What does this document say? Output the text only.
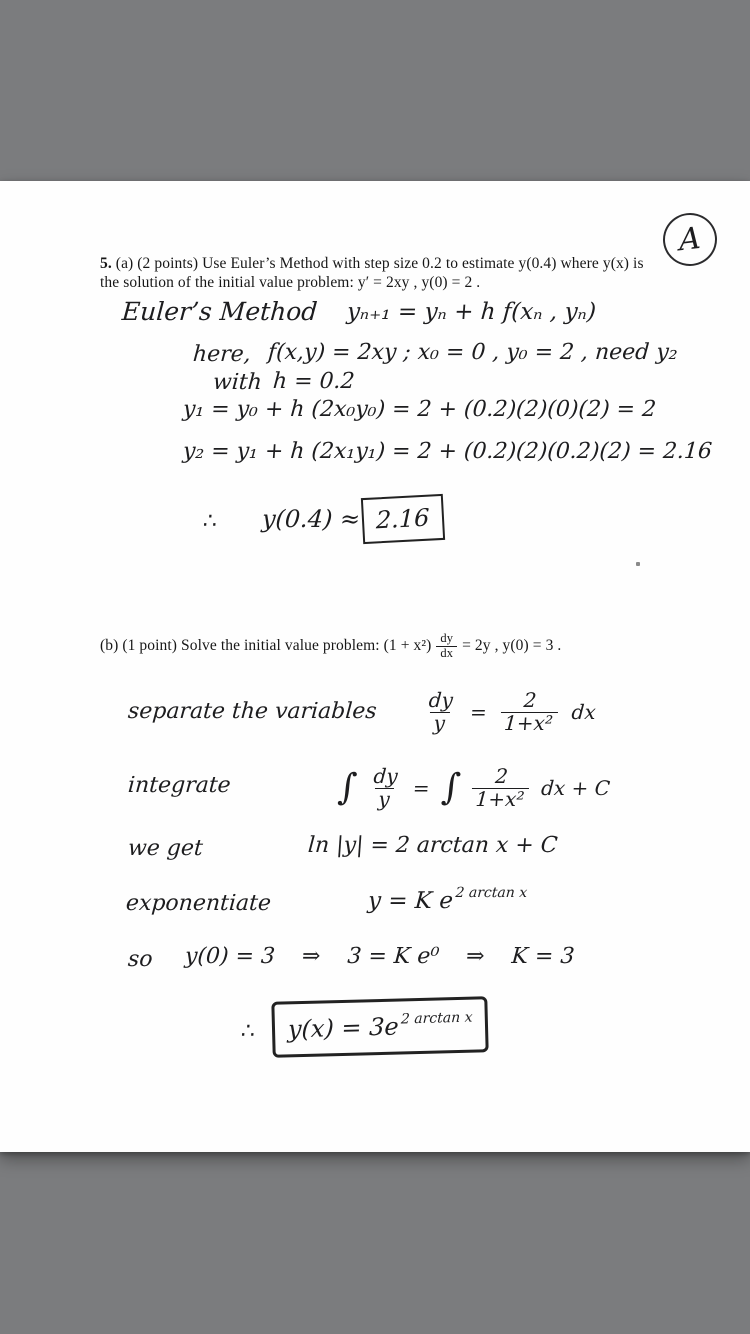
A
5. (a) (2 points) Use Euler’s Method with step size 0.2 to estimate y(0.4) where y(x) is
the solution of the initial value problem: y′ = 2xy , y(0) = 2 .
Euler’s Method yₙ₊₁ = yₙ + h f(xₙ , yₙ)
here, f(x,y) = 2xy ; x₀ = 0 , y₀ = 2 , need y₂
with h = 0.2
y₁ = y₀ + h (2x₀y₀) = 2 + (0.2)(2)(0)(2) = 2
y₂ = y₁ + h (2x₁y₁) = 2 + (0.2)(2)(0.2)(2) = 2.16
∴ y(0.4) ≈ 2.16
(b) (1 point) Solve the initial value problem: $(1 + x^2) \frac{dy}{dx} = 2y$ , y(0) = 3 .
separate the variables $\frac{dy}{y} = \frac{2}{\text{1+x²}}$ dx
integrate	∫ $\frac{dy}{y}$ = ∫ $\frac{2}{\text{1+x²}}$ dx + C
we get	ln |y| = 2 arctan x + C
exponentiate	y = K $e^{2 arctan x}$
so y(0) = 3 ⇒ 3 = K e⁰ ⇒ K = 3
∴ $y(x) = 3e^{2 arctan x}$
